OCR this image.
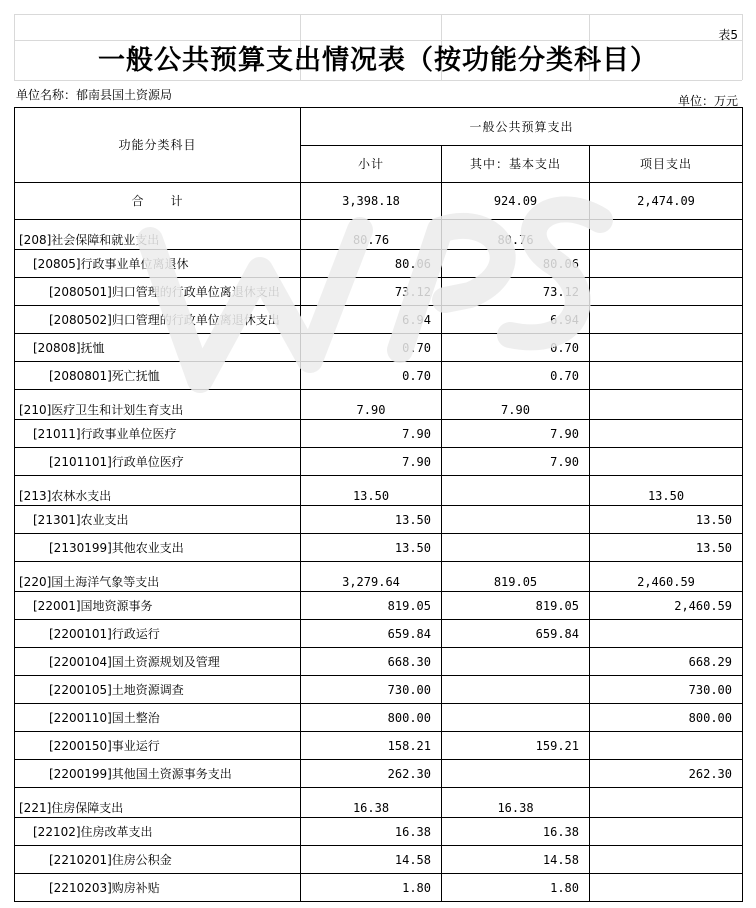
表5
一般公共预算支出情况表（按功能分类科目）
单位名称：郁南县国土资源局	单位：万元
功能分类科目	一般公共预算支出		
	小计	其中：基本支出	项目支出
合　　计	3,398.18	924.09	2,474.09
[208]社会保障和就业支出	80.76	80.76	
[20805]行政事业单位离退休	80.06	80.06	
[2080501]归口管理的行政单位离退休支出	73.12	73.12	
[2080502]归口管理的行政单位离退休支出	6.94	6.94	
[20808]抚恤	0.70	0.70	
[2080801]死亡抚恤	0.70	0.70	
[210]医疗卫生和计划生育支出	7.90	7.90	
[21011]行政事业单位医疗	7.90	7.90	
[2101101]行政单位医疗	7.90	7.90	
[213]农林水支出	13.50		13.50
[21301]农业支出	13.50		13.50
[2130199]其他农业支出	13.50		13.50
[220]国土海洋气象等支出	3,279.64	819.05	2,460.59
[22001]国地资源事务	819.05	819.05	2,460.59
[2200101]行政运行	659.84	659.84	
[2200104]国土资源规划及管理	668.30		668.29
[2200105]土地资源调查	730.00		730.00
[2200110]国土整治	800.00		800.00
[2200150]事业运行	158.21	159.21	
[2200199]其他国土资源事务支出	262.30		262.30
[221]住房保障支出	16.38	16.38	
[22102]住房改革支出	16.38	16.38	
[2210201]住房公积金	14.58	14.58	
[2210203]购房补贴	1.80	1.80	
